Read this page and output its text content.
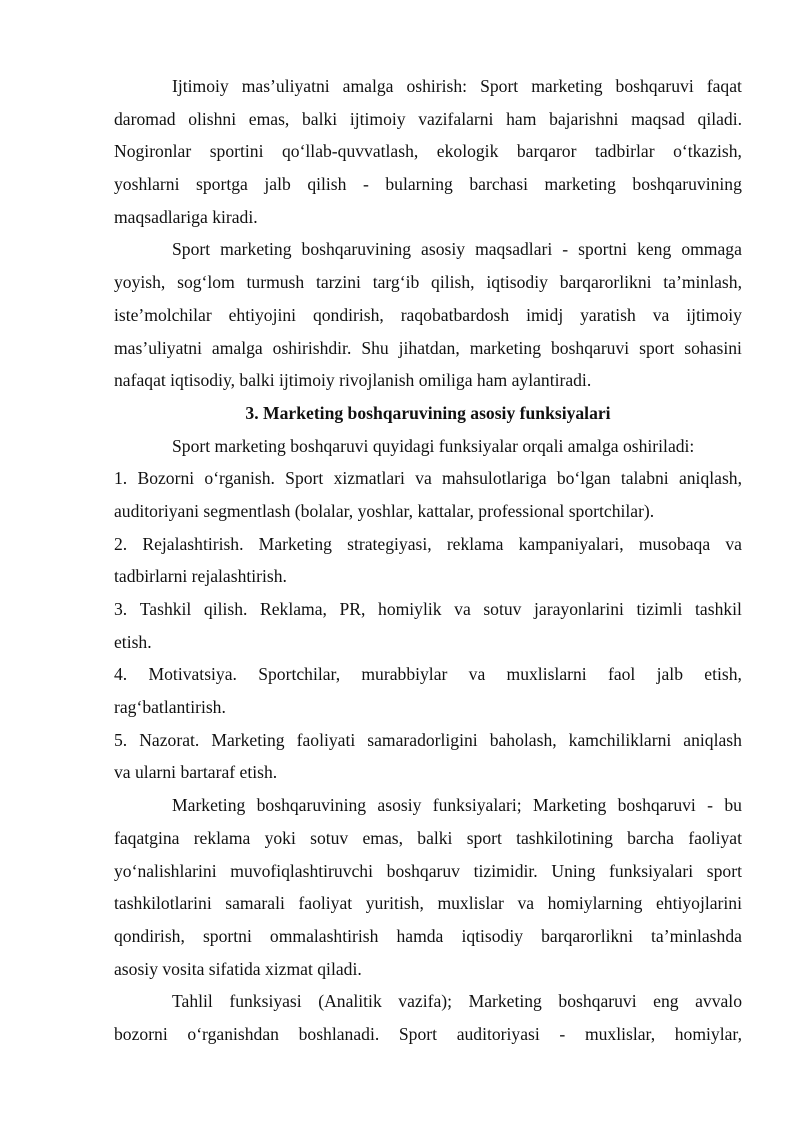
Ijtimoiy mas’uliyatni amalga oshirish: Sport marketing boshqaruvi faqat
daromad olishni emas, balki ijtimoiy vazifalarni ham bajarishni maqsad qiladi.
Nogironlar sportini qo‘llab-quvvatlash, ekologik barqaror tadbirlar o‘tkazish,
yoshlarni sportga jalb qilish - bularning barchasi marketing boshqaruvining
maqsadlariga kiradi.
Sport marketing boshqaruvining asosiy maqsadlari - sportni keng ommaga
yoyish, sog‘lom turmush tarzini targ‘ib qilish, iqtisodiy barqarorlikni ta’minlash,
iste’molchilar ehtiyojini qondirish, raqobatbardosh imidj yaratish va ijtimoiy
mas’uliyatni amalga oshirishdir. Shu jihatdan, marketing boshqaruvi sport sohasini
nafaqat iqtisodiy, balki ijtimoiy rivojlanish omiliga ham aylantiradi.
3. Marketing boshqaruvining asosiy funksiyalari
Sport marketing boshqaruvi quyidagi funksiyalar orqali amalga oshiriladi:
1. Bozorni o‘rganish. Sport xizmatlari va mahsulotlariga bo‘lgan talabni aniqlash,
auditoriyani segmentlash (bolalar, yoshlar, kattalar, professional sportchilar).
2. Rejalashtirish. Marketing strategiyasi, reklama kampaniyalari, musobaqa va
tadbirlarni rejalashtirish.
3. Tashkil qilish. Reklama, PR, homiylik va sotuv jarayonlarini tizimli tashkil
etish.
4. Motivatsiya. Sportchilar, murabbiylar va muxlislarni faol jalb etish,
rag‘batlantirish.
5. Nazorat. Marketing faoliyati samaradorligini baholash, kamchiliklarni aniqlash
va ularni bartaraf etish.
Marketing boshqaruvining asosiy funksiyalari; Marketing boshqaruvi - bu
faqatgina reklama yoki sotuv emas, balki sport tashkilotining barcha faoliyat
yo‘nalishlarini muvofiqlashtiruvchi boshqaruv tizimidir. Uning funksiyalari sport
tashkilotlarini samarali faoliyat yuritish, muxlislar va homiylarning ehtiyojlarini
qondirish, sportni ommalashtirish hamda iqtisodiy barqarorlikni ta’minlashda
asosiy vosita sifatida xizmat qiladi.
Tahlil funksiyasi (Analitik vazifa); Marketing boshqaruvi eng avvalo
bozorni o‘rganishdan boshlanadi. Sport auditoriyasi - muxlislar, homiylar,
